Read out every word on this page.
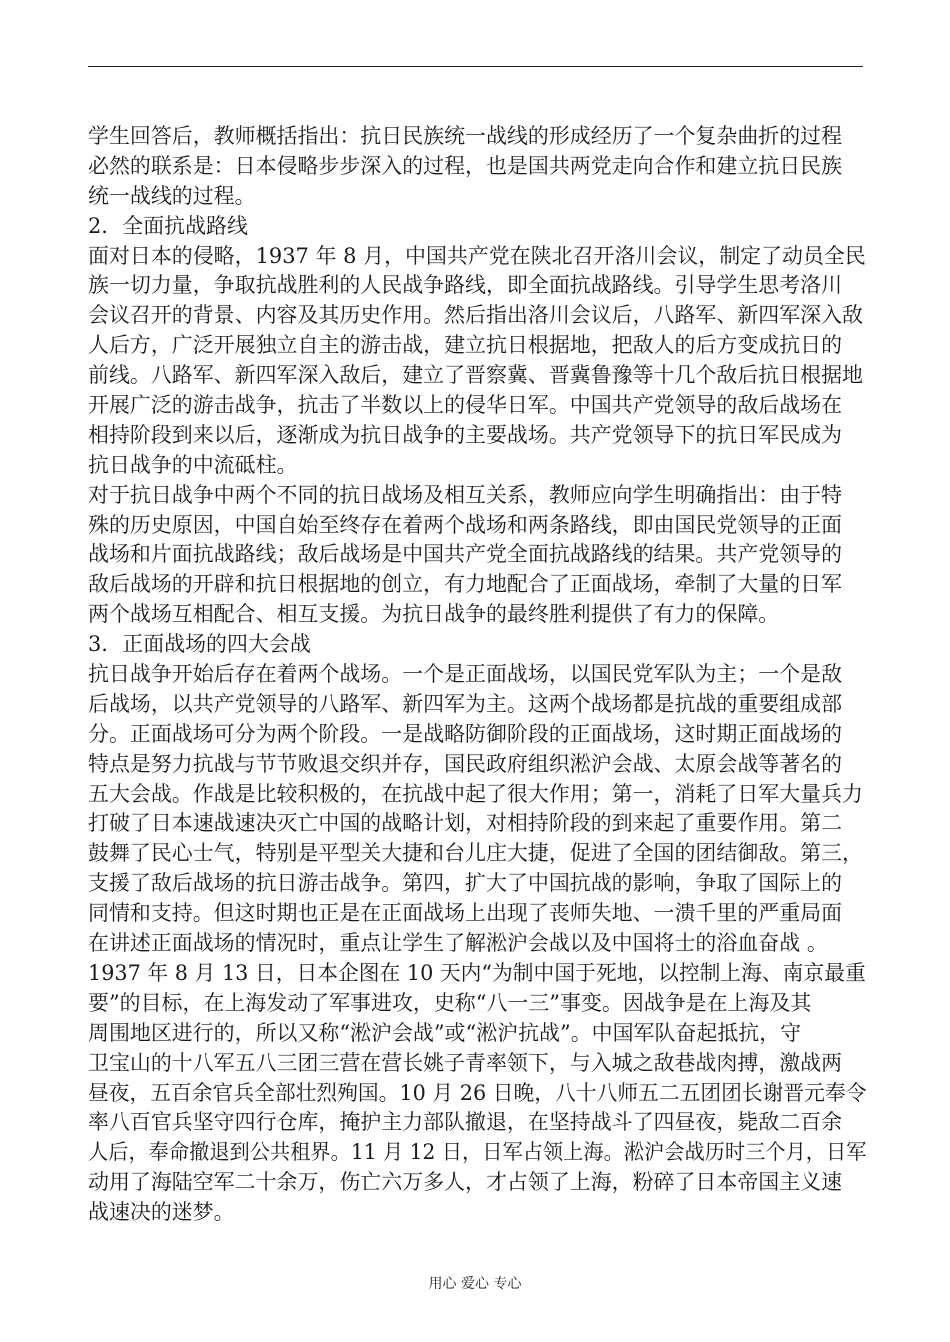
学生回答后，教师概括指出：抗日民族统一战线的形成经历了一个复杂曲折的过程
必然的联系是：日本侵略步步深入的过程，也是国共两党走向合作和建立抗日民族
统一战线的过程。
2．全面抗战路线
面对日本的侵略，1937 年 8 月，中国共产党在陕北召开洛川会议，制定了动员全民
族一切力量，争取抗战胜利的人民战争路线，即全面抗战路线。引导学生思考洛川
会议召开的背景、内容及其历史作用。然后指出洛川会议后，八路军、新四军深入敌
人后方，广泛开展独立自主的游击战，建立抗日根据地，把敌人的后方变成抗日的
前线。八路军、新四军深入敌后，建立了晋察冀、晋冀鲁豫等十几个敌后抗日根据地
开展广泛的游击战争，抗击了半数以上的侵华日军。中国共产党领导的敌后战场在
相持阶段到来以后，逐渐成为抗日战争的主要战场。共产党领导下的抗日军民成为
抗日战争的中流砥柱。
对于抗日战争中两个不同的抗日战场及相互关系，教师应向学生明确指出：由于特
殊的历史原因，中国自始至终存在着两个战场和两条路线，即由国民党领导的正面
战场和片面抗战路线；敌后战场是中国共产党全面抗战路线的结果。共产党领导的
敌后战场的开辟和抗日根据地的创立，有力地配合了正面战场，牵制了大量的日军
两个战场互相配合、相互支援。为抗日战争的最终胜利提供了有力的保障。
3．正面战场的四大会战
抗日战争开始后存在着两个战场。一个是正面战场，以国民党军队为主；一个是敌
后战场，以共产党领导的八路军、新四军为主。这两个战场都是抗战的重要组成部
分。正面战场可分为两个阶段。一是战略防御阶段的正面战场，这时期正面战场的
特点是努力抗战与节节败退交织并存，国民政府组织淞沪会战、太原会战等著名的
五大会战。作战是比较积极的，在抗战中起了很大作用；第一，消耗了日军大量兵力
打破了日本速战速决灭亡中国的战略计划，对相持阶段的到来起了重要作用。第二
鼓舞了民心士气，特别是平型关大捷和台儿庄大捷，促进了全国的团结御敌。第三，
支援了敌后战场的抗日游击战争。第四，扩大了中国抗战的影响，争取了国际上的
同情和支持。但这时期也正是在正面战场上出现了丧师失地、一溃千里的严重局面
在讲述正面战场的情况时，重点让学生了解淞沪会战以及中国将士的浴血奋战 。
1937 年 8 月 13 日，日本企图在 10 天内“为制中国于死地，以控制上海、南京最重
要”的目标，在上海发动了军事进攻，史称“八一三”事变。因战争是在上海及其
周围地区进行的，所以又称“淞沪会战”或“淞沪抗战”。中国军队奋起抵抗，守
卫宝山的十八军五八三团三营在营长姚子青率领下，与入城之敌巷战肉搏，激战两
昼夜，五百余官兵全部壮烈殉国。10 月 26 日晚，八十八师五二五团团长谢晋元奉令
率八百官兵坚守四行仓库，掩护主力部队撤退，在坚持战斗了四昼夜，毙敌二百余
人后，奉命撤退到公共租界。11 月 12 日，日军占领上海。淞沪会战历时三个月，日军
动用了海陆空军二十余万，伤亡六万多人，才占领了上海，粉碎了日本帝国主义速
战速决的迷梦。
用心 爱心 专心
